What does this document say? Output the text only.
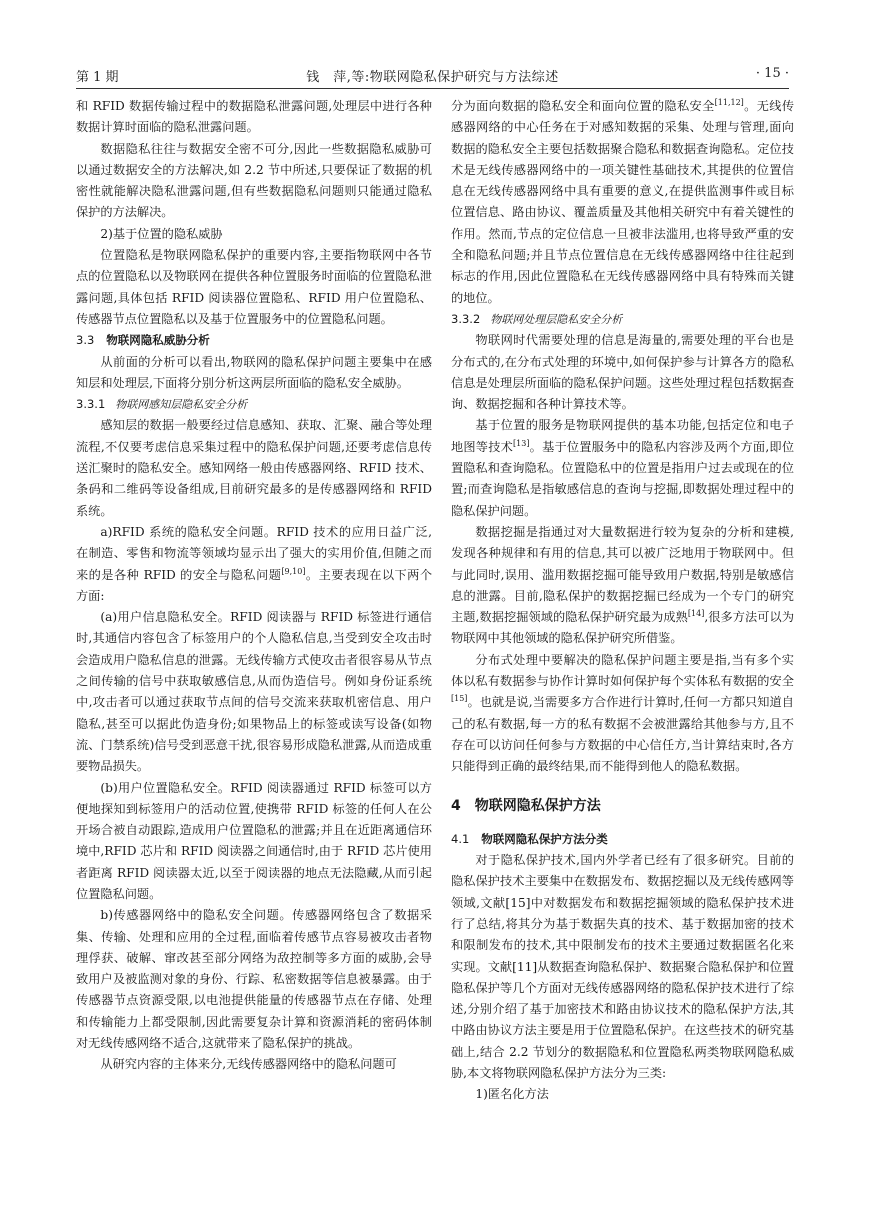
第 1 期	钱　萍,等:物联网隐私保护研究与方法综述	· 15 ·

和 RFID 数据传输过程中的数据隐私泄露问题,处理层中进行各种数据计算时面临的隐私泄露问题。

数据隐私往往与数据安全密不可分,因此一些数据隐私威胁可以通过数据安全的方法解决,如 2.2 节中所述,只要保证了数据的机密性就能解决隐私泄露问题,但有些数据隐私问题则只能通过隐私保护的方法解决。

2)基于位置的隐私威胁

位置隐私是物联网隐私保护的重要内容,主要指物联网中各节点的位置隐私以及物联网在提供各种位置服务时面临的位置隐私泄露问题,具体包括 RFID 阅读器位置隐私、RFID 用户位置隐私、传感器节点位置隐私以及基于位置服务中的位置隐私问题。

3.3 物联网隐私威胁分析

从前面的分析可以看出,物联网的隐私保护问题主要集中在感知层和处理层,下面将分别分析这两层所面临的隐私安全威胁。

3.3.1 物联网感知层隐私安全分析

感知层的数据一般要经过信息感知、获取、汇聚、融合等处理流程,不仅要考虑信息采集过程中的隐私保护问题,还要考虑信息传送汇聚时的隐私安全。感知网络一般由传感器网络、RFID 技术、条码和二维码等设备组成,目前研究最多的是传感器网络和 RFID 系统。

a)RFID 系统的隐私安全问题。RFID 技术的应用日益广泛,在制造、零售和物流等领域均显示出了强大的实用价值,但随之而来的是各种 RFID 的安全与隐私问题[9,10]。主要表现在以下两个方面:

(a)用户信息隐私安全。RFID 阅读器与 RFID 标签进行通信时,其通信内容包含了标签用户的个人隐私信息,当受到安全攻击时会造成用户隐私信息的泄露。无线传输方式使攻击者很容易从节点之间传输的信号中获取敏感信息,从而伪造信号。例如身份证系统中,攻击者可以通过获取节点间的信号交流来获取机密信息、用户隐私,甚至可以据此伪造身份;如果物品上的标签或读写设备(如物流、门禁系统)信号受到恶意干扰,很容易形成隐私泄露,从而造成重要物品损失。

(b)用户位置隐私安全。RFID 阅读器通过 RFID 标签可以方便地探知到标签用户的活动位置,使携带 RFID 标签的任何人在公开场合被自动跟踪,造成用户位置隐私的泄露;并且在近距离通信环境中,RFID 芯片和 RFID 阅读器之间通信时,由于 RFID 芯片使用者距离 RFID 阅读器太近,以至于阅读器的地点无法隐藏,从而引起位置隐私问题。

b)传感器网络中的隐私安全问题。传感器网络包含了数据采集、传输、处理和应用的全过程,面临着传感节点容易被攻击者物理俘获、破解、窜改甚至部分网络为敌控制等多方面的威胁,会导致用户及被监测对象的身份、行踪、私密数据等信息被暴露。由于传感器节点资源受限,以电池提供能量的传感器节点在存储、处理和传输能力上都受限制,因此需要复杂计算和资源消耗的密码体制对无线传感网络不适合,这就带来了隐私保护的挑战。

从研究内容的主体来分,无线传感器网络中的隐私问题可

分为面向数据的隐私安全和面向位置的隐私安全[11,12]。无线传感器网络的中心任务在于对感知数据的采集、处理与管理,面向数据的隐私安全主要包括数据聚合隐私和数据查询隐私。定位技术是无线传感器网络中的一项关键性基础技术,其提供的位置信息在无线传感器网络中具有重要的意义,在提供监测事件或目标位置信息、路由协议、覆盖质量及其他相关研究中有着关键性的作用。然而,节点的定位信息一旦被非法滥用,也将导致严重的安全和隐私问题;并且节点位置信息在无线传感器网络中往往起到标志的作用,因此位置隐私在无线传感器网络中具有特殊而关键的地位。

3.3.2 物联网处理层隐私安全分析

物联网时代需要处理的信息是海量的,需要处理的平台也是分布式的,在分布式处理的环境中,如何保护参与计算各方的隐私信息是处理层所面临的隐私保护问题。这些处理过程包括数据查询、数据挖掘和各种计算技术等。

基于位置的服务是物联网提供的基本功能,包括定位和电子地图等技术[13]。基于位置服务中的隐私内容涉及两个方面,即位置隐私和查询隐私。位置隐私中的位置是指用户过去或现在的位置;而查询隐私是指敏感信息的查询与挖掘,即数据处理过程中的隐私保护问题。

数据挖掘是指通过对大量数据进行较为复杂的分析和建模,发现各种规律和有用的信息,其可以被广泛地用于物联网中。但与此同时,误用、滥用数据挖掘可能导致用户数据,特别是敏感信息的泄露。目前,隐私保护的数据挖掘已经成为一个专门的研究主题,数据挖掘领域的隐私保护研究最为成熟[14],很多方法可以为物联网中其他领域的隐私保护研究所借鉴。

分布式处理中要解决的隐私保护问题主要是指,当有多个实体以私有数据参与协作计算时如何保护每个实体私有数据的安全[15]。也就是说,当需要多方合作进行计算时,任何一方都只知道自己的私有数据,每一方的私有数据不会被泄露给其他参与方,且不存在可以访问任何参与方数据的中心信任方,当计算结束时,各方只能得到正确的最终结果,而不能得到他人的隐私数据。

4 物联网隐私保护方法

4.1 物联网隐私保护方法分类

对于隐私保护技术,国内外学者已经有了很多研究。目前的隐私保护技术主要集中在数据发布、数据挖掘以及无线传感网等领域,文献[15]中对数据发布和数据挖掘领域的隐私保护技术进行了总结,将其分为基于数据失真的技术、基于数据加密的技术和限制发布的技术,其中限制发布的技术主要通过数据匿名化来实现。文献[11]从数据查询隐私保护、数据聚合隐私保护和位置隐私保护等几个方面对无线传感器网络的隐私保护技术进行了综述,分别介绍了基于加密技术和路由协议技术的隐私保护方法,其中路由协议方法主要是用于位置隐私保护。在这些技术的研究基础上,结合 2.2 节划分的数据隐私和位置隐私两类物联网隐私威胁,本文将物联网隐私保护方法分为三类:

1)匿名化方法
